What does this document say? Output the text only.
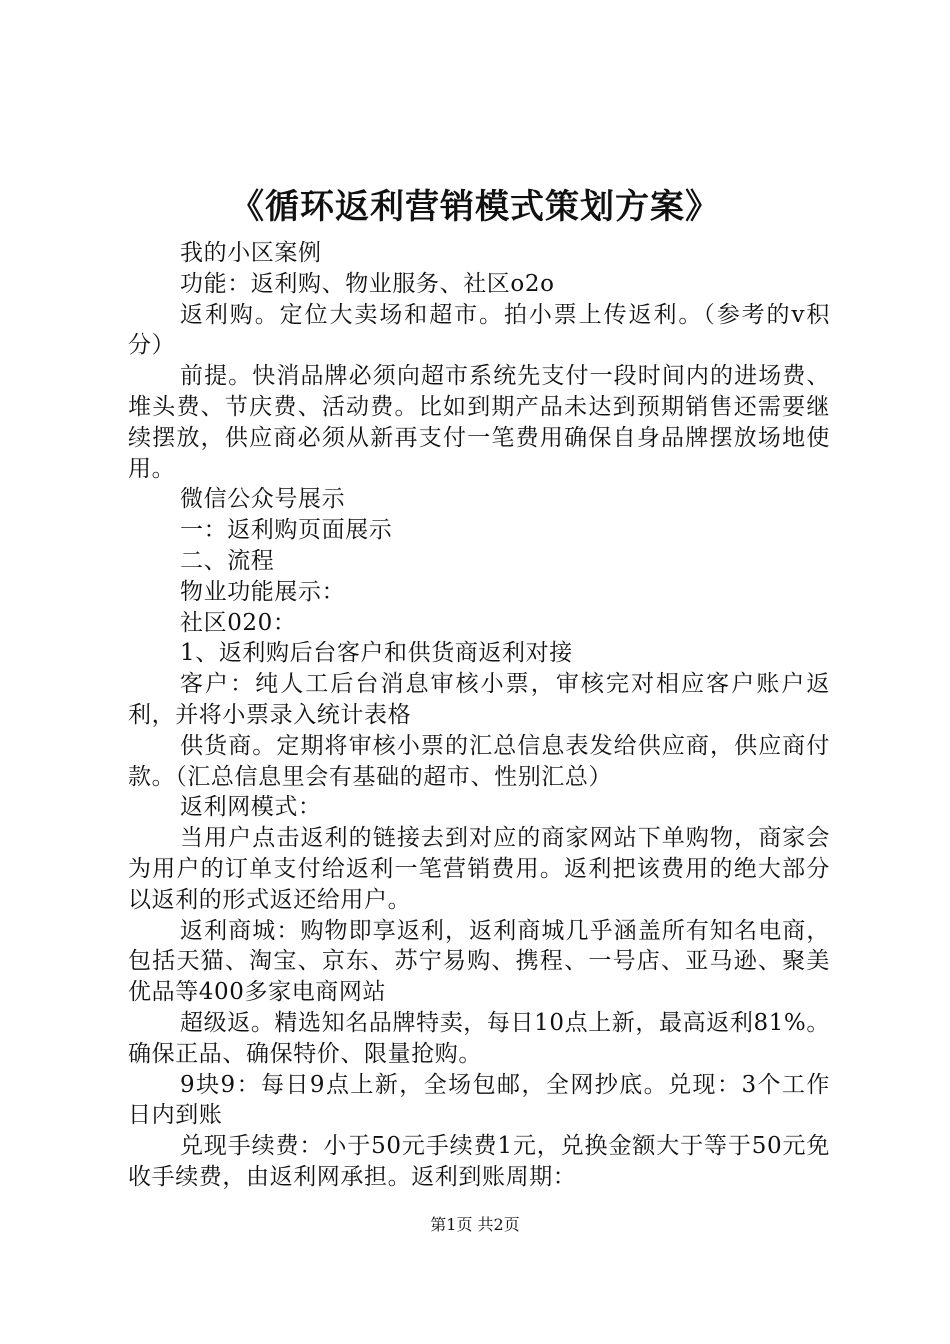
《循环返利营销模式策划方案》

我的小区案例

功能：返利购、物业服务、社区o2o

返利购。定位大卖场和超市。拍小票上传返利。（参考的v积分）

前提。快消品牌必须向超市系统先支付一段时间内的进场费、堆头费、节庆费、活动费。比如到期产品未达到预期销售还需要继续摆放，供应商必须从新再支付一笔费用确保自身品牌摆放场地使用。

微信公众号展示

一：返利购页面展示

二、流程

物业功能展示：

社区020：

1、返利购后台客户和供货商返利对接

客户：纯人工后台消息审核小票，审核完对相应客户账户返利，并将小票录入统计表格

供货商。定期将审核小票的汇总信息表发给供应商，供应商付款。（汇总信息里会有基础的超市、性别汇总）

返利网模式：

当用户点击返利的链接去到对应的商家网站下单购物，商家会为用户的订单支付给返利一笔营销费用。返利把该费用的绝大部分以返利的形式返还给用户。

返利商城：购物即享返利，返利商城几乎涵盖所有知名电商，包括天猫、淘宝、京东、苏宁易购、携程、一号店、亚马逊、聚美优品等400多家电商网站

超级返。精选知名品牌特卖，每日10点上新，最高返利81%。确保正品、确保特价、限量抢购。

9块9：每日9点上新，全场包邮，全网抄底。兑现：3个工作日内到账

兑现手续费：小于50元手续费1元，兑换金额大于等于50元免收手续费，由返利网承担。返利到账周期：

第1页 共2页
